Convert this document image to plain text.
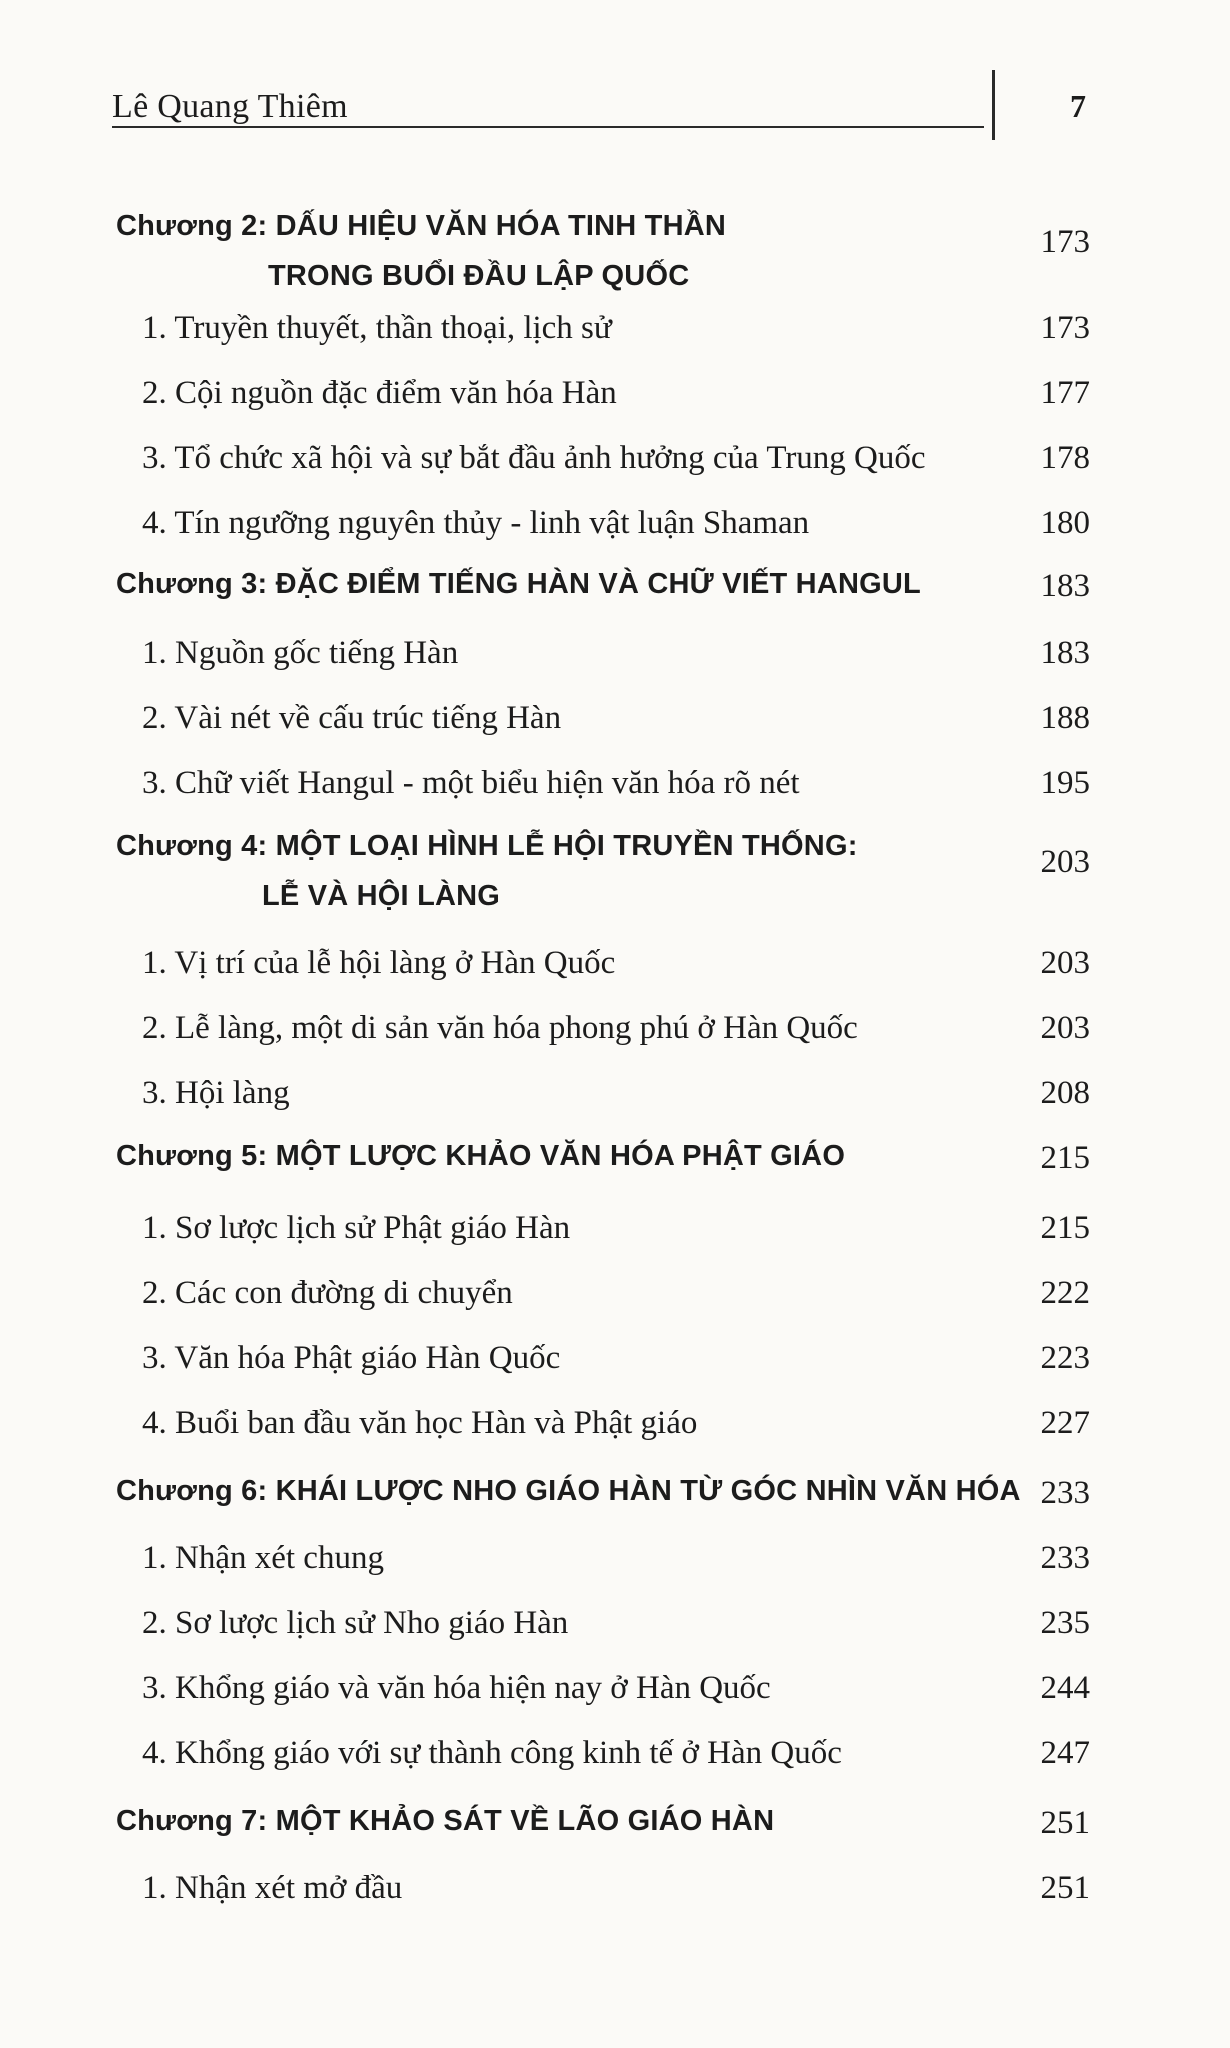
Lê Quang Thiêm	7
Chương 2: DẤU HIỆU VĂN HÓA TINH THẦN
TRONG BUỔI ĐẦU LẬP QUỐC
173
1. Truyền thuyết, thần thoại, lịch sử	173
2. Cội nguồn đặc điểm văn hóa Hàn	177
3. Tổ chức xã hội và sự bắt đầu ảnh hưởng của Trung Quốc	178
4. Tín ngưỡng nguyên thủy - linh vật luận Shaman	180
Chương 3: ĐẶC ĐIỂM TIẾNG HÀN VÀ CHỮ VIẾT HANGUL	183
1. Nguồn gốc tiếng Hàn	183
2. Vài nét về cấu trúc tiếng Hàn	188
3. Chữ viết Hangul - một biểu hiện văn hóa rõ nét	195
Chương 4: MỘT LOẠI HÌNH LỄ HỘI TRUYỀN THỐNG:
LỄ VÀ HỘI LÀNG
203
1. Vị trí của lễ hội làng ở Hàn Quốc	203
2. Lễ làng, một di sản văn hóa phong phú ở Hàn Quốc	203
3. Hội làng	208
Chương 5: MỘT LƯỢC KHẢO VĂN HÓA PHẬT GIÁO	215
1. Sơ lược lịch sử Phật giáo Hàn	215
2. Các con đường di chuyển	222
3. Văn hóa Phật giáo Hàn Quốc	223
4. Buổi ban đầu văn học Hàn và Phật giáo	227
Chương 6: KHÁI LƯỢC NHO GIÁO HÀN TỪ GÓC NHÌN VĂN HÓA 233
1. Nhận xét chung	233
2. Sơ lược lịch sử Nho giáo Hàn	235
3. Khổng giáo và văn hóa hiện nay ở Hàn Quốc	244
4. Khổng giáo với sự thành công kinh tế ở Hàn Quốc	247
Chương 7: MỘT KHẢO SÁT VỀ LÃO GIÁO HÀN	251
1. Nhận xét mở đầu	251
